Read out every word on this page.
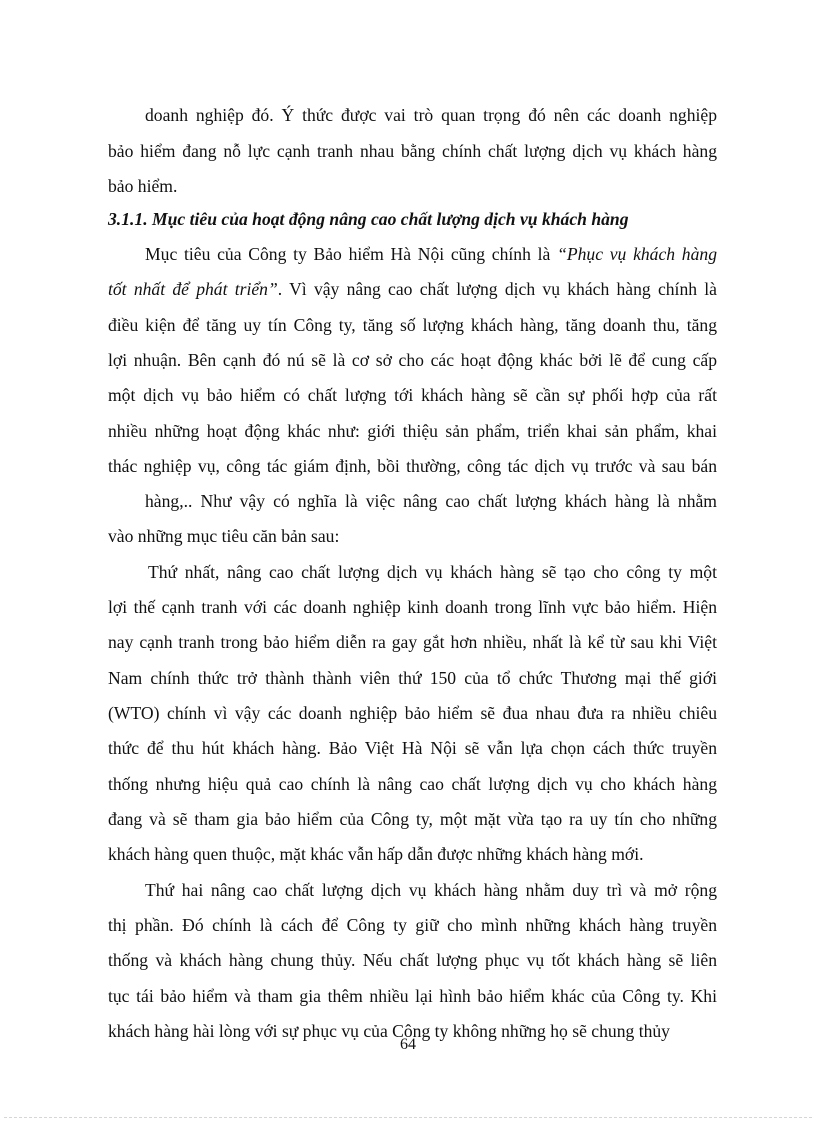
doanh nghiệp đó. Ý thức được vai trò quan trọng đó nên các doanh nghiệp
bảo hiểm đang nỗ lực cạnh tranh nhau bằng chính chất lượng dịch vụ khách hàng
bảo hiểm.
3.1.1. Mục tiêu của hoạt động nâng cao chất lượng dịch vụ khách hàng
Mục tiêu của Công ty Bảo hiểm Hà Nội cũng chính là “Phục vụ khách hàng
tốt nhất để phát triển”. Vì vậy nâng cao chất lượng dịch vụ khách hàng chính là
điều kiện để tăng uy tín Công ty, tăng số lượng khách hàng, tăng doanh thu, tăng
lợi nhuận. Bên cạnh đó nú sẽ là cơ sở cho các hoạt động khác bởi lẽ để cung cấp
một dịch vụ bảo hiểm có chất lượng tới khách hàng sẽ cần sự phối hợp của rất
nhiều những hoạt động khác như: giới thiệu sản phẩm, triển khai sản phẩm, khai
thác nghiệp vụ, công tác giám định, bồi thường, công tác dịch vụ trước và sau bán
hàng,.. Như vậy có nghĩa là việc nâng cao chất lượng khách hàng là nhằm
vào những mục tiêu căn bản sau:
Thứ nhất, nâng cao chất lượng dịch vụ khách hàng sẽ tạo cho công ty một
lợi thế cạnh tranh với các doanh nghiệp kinh doanh trong lĩnh vực bảo hiểm. Hiện
nay cạnh tranh trong bảo hiểm diễn ra gay gắt hơn nhiều, nhất là kể từ sau khi Việt
Nam chính thức trở thành thành viên thứ 150 của tổ chức Thương mại thế giới
(WTO) chính vì vậy các doanh nghiệp bảo hiểm sẽ đua nhau đưa ra nhiều chiêu
thức để thu hút khách hàng. Bảo Việt Hà Nội sẽ vẫn lựa chọn cách thức truyền
thống nhưng hiệu quả cao chính là nâng cao chất lượng dịch vụ cho khách hàng
đang và sẽ tham gia bảo hiểm của Công ty, một mặt vừa tạo ra uy tín cho những
khách hàng quen thuộc, mặt khác vẫn hấp dẫn được những khách hàng mới.
Thứ hai nâng cao chất lượng dịch vụ khách hàng nhằm duy trì và mở rộng
thị phần. Đó chính là cách để Công ty giữ cho mình những khách hàng truyền
thống và khách hàng chung thủy. Nếu chất lượng phục vụ tốt khách hàng sẽ liên
tục tái bảo hiểm và tham gia thêm nhiều lại hình bảo hiểm khác của Công ty. Khi
khách hàng hài lòng với sự phục vụ của Công ty không những họ sẽ chung thủy
64
